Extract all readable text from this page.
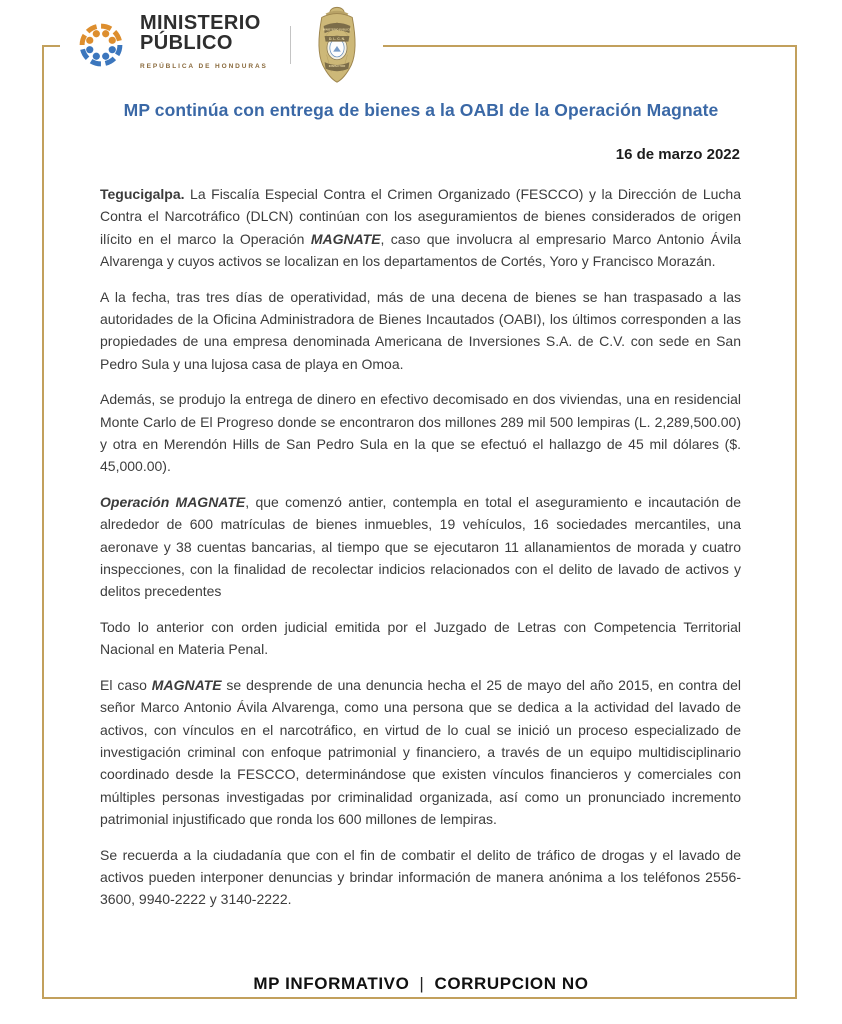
MINISTERIO
PÚBLICO
REPÚBLICA DE HONDURAS
MINISTERIO PUBLICO
D. L. C. N.
INSPECTOR
MP continúa con entrega de bienes a la OABI de la Operación Magnate
16 de marzo 2022

Tegucigalpa. La Fiscalía Especial Contra el Crimen Organizado (FESCCO) y la Dirección de Lucha Contra el Narcotráfico (DLCN) continúan con los aseguramientos de bienes considerados de origen ilícito en el marco la Operación MAGNATE, caso que involucra al empresario Marco Antonio Ávila Alvarenga y cuyos activos se localizan en los departamentos de Cortés, Yoro y Francisco Morazán.

A la fecha, tras tres días de operatividad, más de una decena de bienes se han traspasado a las autoridades de la Oficina Administradora de Bienes Incautados (OABI), los últimos corresponden a las propiedades de una empresa denominada Americana de Inversiones S.A. de C.V. con sede en San Pedro Sula y una lujosa casa de playa en Omoa.

Además, se produjo la entrega de dinero en efectivo decomisado en dos viviendas, una en residencial Monte Carlo de El Progreso donde se encontraron dos millones 289 mil 500 lempiras (L. 2,289,500.00) y otra en Merendón Hills de San Pedro Sula en la que se efectuó el hallazgo de 45 mil dólares ($. 45,000.00).

Operación MAGNATE, que comenzó antier, contempla en total el aseguramiento e incautación de alrededor de 600 matrículas de bienes inmuebles, 19 vehículos, 16 sociedades mercantiles, una aeronave y 38 cuentas bancarias, al tiempo que se ejecutaron 11 allanamientos de morada y cuatro inspecciones, con la finalidad de recolectar indicios relacionados con el delito de lavado de activos y delitos precedentes

Todo lo anterior con orden judicial emitida por el Juzgado de Letras con Competencia Territorial Nacional en Materia Penal.

El caso MAGNATE se desprende de una denuncia hecha el 25 de mayo del año 2015, en contra del señor Marco Antonio Ávila Alvarenga, como una persona que se dedica a la actividad del lavado de activos, con vínculos en el narcotráfico, en virtud de lo cual se inició un proceso especializado de investigación criminal con enfoque patrimonial y financiero, a través de un equipo multidisciplinario coordinado desde la FESCCO, determinándose que existen vínculos financieros y comerciales con múltiples personas investigadas por criminalidad organizada, así como un pronunciado incremento patrimonial injustificado que ronda los 600 millones de lempiras.

Se recuerda a la ciudadanía que con el fin de combatir el delito de tráfico de drogas y el lavado de activos pueden interponer denuncias y brindar información de manera anónima a los teléfonos 2556-3600, 9940-2222 y 3140-2222.

MP INFORMATIVO | CORRUPCION NO
